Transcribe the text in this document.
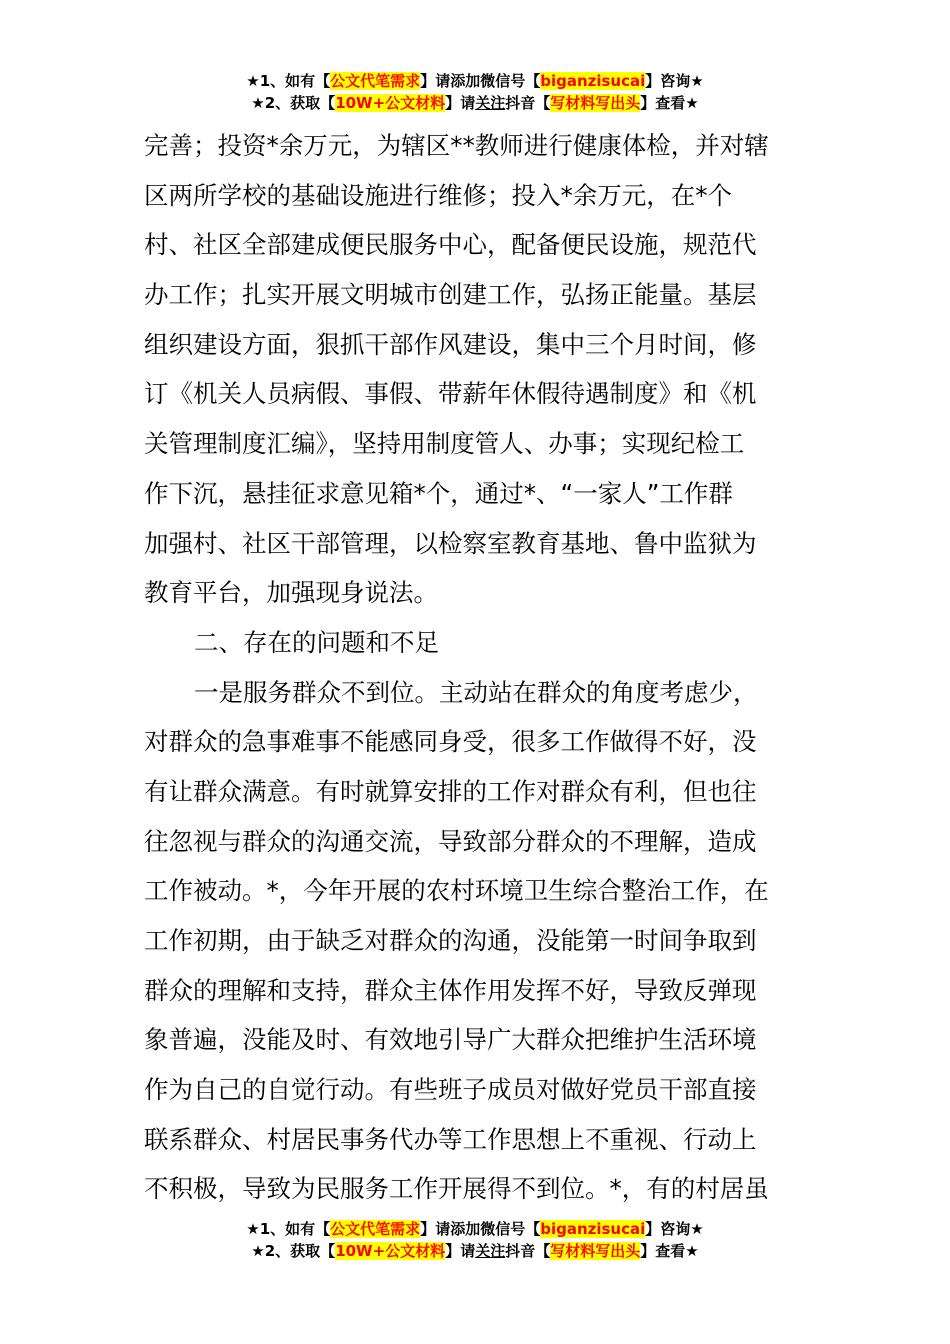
★1、如有【公文代笔需求】请添加微信号【biganzisucai】咨询★
★2、获取【10W+公文材料】请关注抖音【写材料写出头】查看★
完善；投资*余万元，为辖区**教师进行健康体检，并对辖
区两所学校的基础设施进行维修；投入*余万元，在*个
村、社区全部建成便民服务中心，配备便民设施，规范代
办工作；扎实开展文明城市创建工作，弘扬正能量。基层
组织建设方面，狠抓干部作风建设，集中三个月时间，修
订《机关人员病假、事假、带薪年休假待遇制度》和《机
关管理制度汇编》，坚持用制度管人、办事；实现纪检工
作下沉，悬挂征求意见箱*个，通过*、“一家人”工作群
加强村、社区干部管理，以检察室教育基地、鲁中监狱为
教育平台，加强现身说法。
二、存在的问题和不足
一是服务群众不到位。主动站在群众的角度考虑少，
对群众的急事难事不能感同身受，很多工作做得不好，没
有让群众满意。有时就算安排的工作对群众有利，但也往
往忽视与群众的沟通交流，导致部分群众的不理解，造成
工作被动。*，今年开展的农村环境卫生综合整治工作，在
工作初期，由于缺乏对群众的沟通，没能第一时间争取到
群众的理解和支持，群众主体作用发挥不好，导致反弹现
象普遍，没能及时、有效地引导广大群众把维护生活环境
作为自己的自觉行动。有些班子成员对做好党员干部直接
联系群众、村居民事务代办等工作思想上不重视、行动上
不积极，导致为民服务工作开展得不到位。*，有的村居虽
★1、如有【公文代笔需求】请添加微信号【biganzisucai】咨询★
★2、获取【10W+公文材料】请关注抖音【写材料写出头】查看★
